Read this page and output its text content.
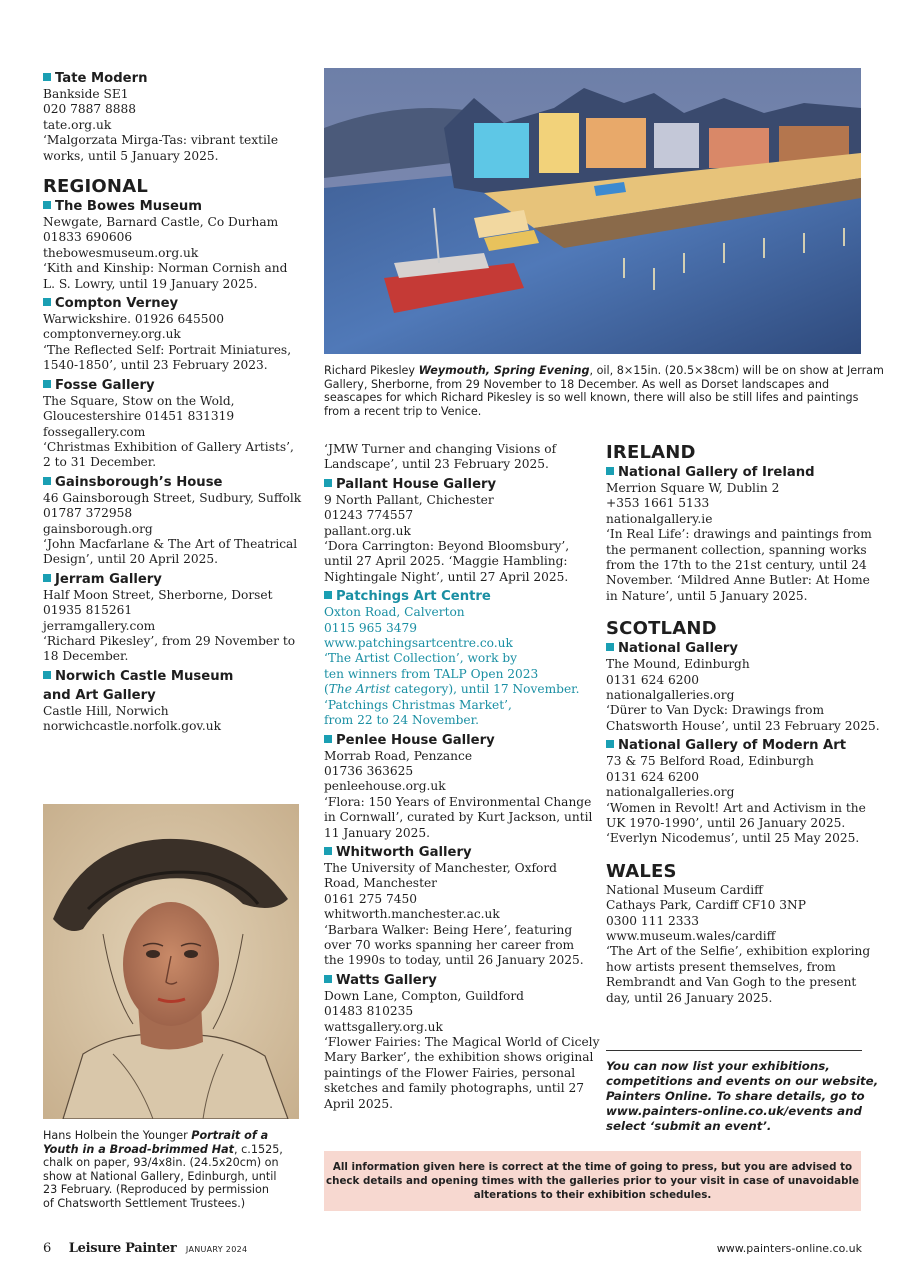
Tate Modern
Bankside SE1
020 7887 8888
tate.org.uk
‘Malgorzata Mirga-Tas: vibrant textile
works, until 5 January 2025.
REGIONAL
The Bowes Museum
Newgate, Barnard Castle, Co Durham
01833 690606
thebowesmuseum.org.uk
‘Kith and Kinship: Norman Cornish and
L. S. Lowry, until 19 January 2025.
Compton Verney
Warwickshire. 01926 645500
comptonverney.org.uk
‘The Reflected Self: Portrait Miniatures,
1540-1850’, until 23 February 2023.
Fosse Gallery
The Square, Stow on the Wold,
Gloucestershire 01451 831319
fossegallery.com
‘Christmas Exhibition of Gallery Artists’,
2 to 31 December.
Gainsborough’s House
46 Gainsborough Street, Sudbury, Suffolk
01787 372958
gainsborough.org
‘John Macfarlane & The Art of Theatrical
Design’, until 20 April 2025.
Jerram Gallery
Half Moon Street, Sherborne, Dorset
01935 815261
jerramgallery.com
‘Richard Pikesley’, from 29 November to
18 December.
Norwich Castle Museum
and Art Gallery
Castle Hill, Norwich
norwichcastle.norfolk.gov.uk
Hans Holbein the Younger Portrait of a
Youth in a Broad-brimmed Hat, c.1525,
chalk on paper, 93/4x8in. (24.5x20cm) on
show at National Gallery, Edinburgh, until
23 February. (Reproduced by permission
of Chatsworth Settlement Trustees.)
Richard Pikesley Weymouth, Spring Evening, oil, 8×15in. (20.5×38cm) will be on show at Jerram
Gallery, Sherborne, from 29 November to 18 December. As well as Dorset landscapes and
seascapes for which Richard Pikesley is so well known, there will also be still lifes and paintings
from a recent trip to Venice.
‘JMW Turner and changing Visions of
Landscape’, until 23 February 2025.
Pallant House Gallery
9 North Pallant, Chichester
01243 774557
pallant.org.uk
‘Dora Carrington: Beyond Bloomsbury’,
until 27 April 2025. ‘Maggie Hambling:
Nightingale Night’, until 27 April 2025.
Patchings Art Centre
Oxton Road, Calverton
0115 965 3479
www.patchingsartcentre.co.uk
‘The Artist Collection’, work by
ten winners from TALP Open 2023
(The Artist category), until 17 November.
‘Patchings Christmas Market’,
from 22 to 24 November.
Penlee House Gallery
Morrab Road, Penzance
01736 363625
penleehouse.org.uk
‘Flora: 150 Years of Environmental Change
in Cornwall’, curated by Kurt Jackson, until
11 January 2025.
Whitworth Gallery
The University of Manchester, Oxford
Road, Manchester
0161 275 7450
whitworth.manchester.ac.uk
‘Barbara Walker: Being Here’, featuring
over 70 works spanning her career from
the 1990s to today, until 26 January 2025.
Watts Gallery
Down Lane, Compton, Guildford
01483 810235
wattsgallery.org.uk
‘Flower Fairies: The Magical World of Cicely
Mary Barker’, the exhibition shows original
paintings of the Flower Fairies, personal
sketches and family photographs, until 27
April 2025.
IRELAND
National Gallery of Ireland
Merrion Square W, Dublin 2
+353 1661 5133
nationalgallery.ie
‘In Real Life’: drawings and paintings from
the permanent collection, spanning works
from the 17th to the 21st century, until 24
November. ‘Mildred Anne Butler: At Home
in Nature’, until 5 January 2025.
SCOTLAND
National Gallery
The Mound, Edinburgh
0131 624 6200
nationalgalleries.org
‘Dürer to Van Dyck: Drawings from
Chatsworth House’, until 23 February 2025.
National Gallery of Modern Art
73 & 75 Belford Road, Edinburgh
0131 624 6200
nationalgalleries.org
‘Women in Revolt! Art and Activism in the
UK 1970-1990’, until 26 January 2025.
‘Everlyn Nicodemus’, until 25 May 2025.
WALES
National Museum Cardiff
Cathays Park, Cardiff CF10 3NP
0300 111 2333
www.museum.wales/cardiff
‘The Art of the Selfie’, exhibition exploring
how artists present themselves, from
Rembrandt and Van Gogh to the present
day, until 26 January 2025.
You can now list your exhibitions,
competitions and events on our website,
Painters Online. To share details, go to
www.painters-online.co.uk/events and
select ‘submit an event’.
All information given here is correct at the time of going to press, but you are advised to
check details and opening times with the galleries prior to your visit in case of unavoidable
alterations to their exhibition schedules.
6 Leisure Painter JANUARY 2024	www.painters-online.co.uk
